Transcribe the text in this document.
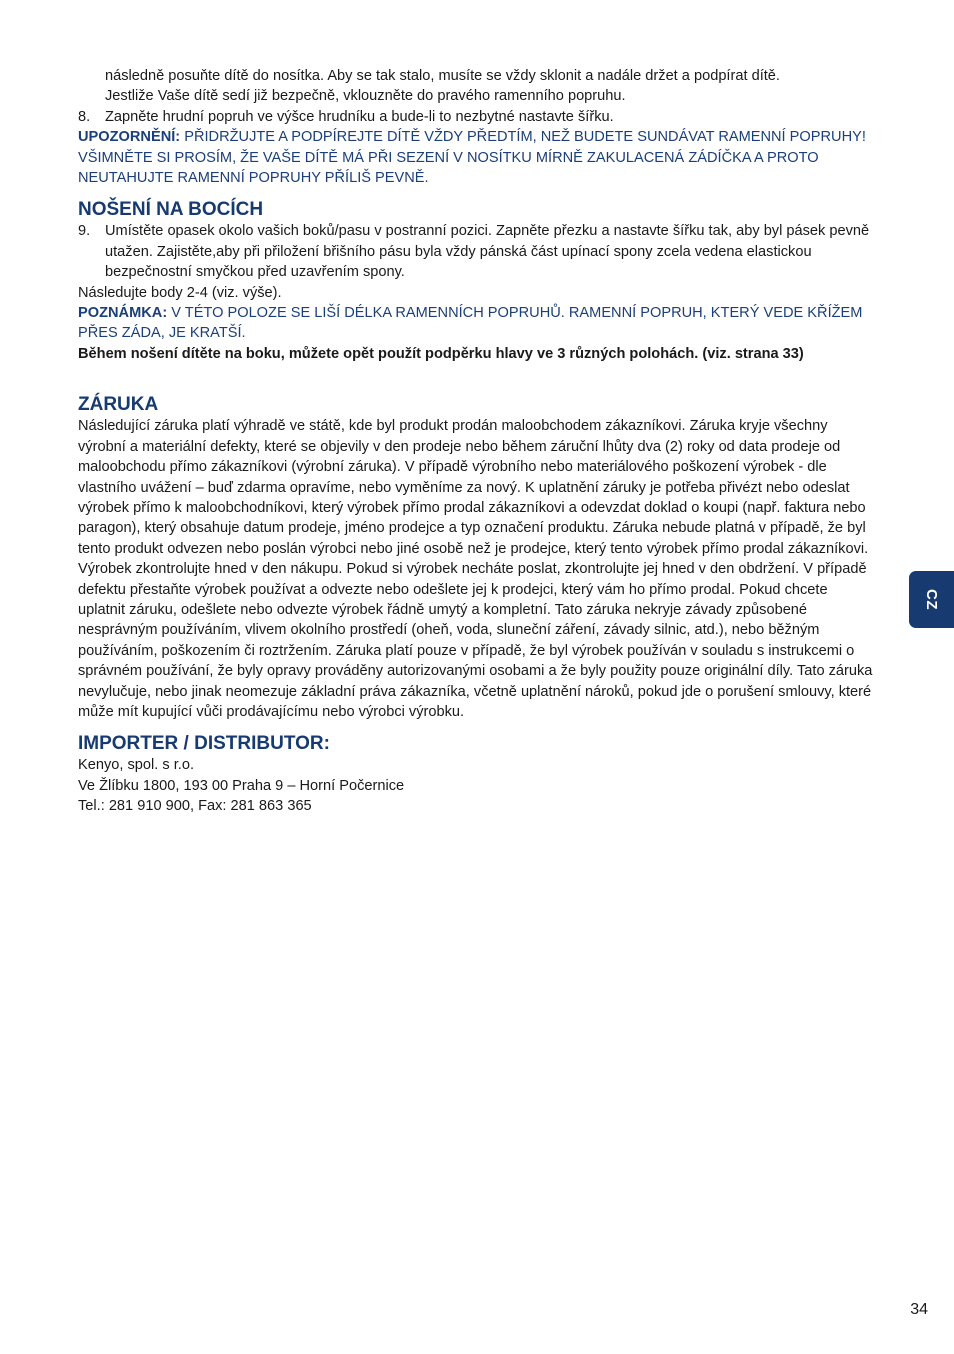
následně posuňte dítě do nosítka. Aby se tak stalo, musíte se vždy sklonit a nadále držet a podpírat dítě.

Jestliže Vaše dítě sedí již bezpečně, vklouzněte do pravého ramenního popruhu.

8. Zapněte hrudní popruh ve výšce hrudníku a bude-li to nezbytné nastavte šířku.

UPOZORNĚNÍ: PŘIDRŽUJTE A PODPÍREJTE DÍTĚ VŽDY PŘEDTÍM, NEŽ BUDETE SUNDÁVAT RAMENNÍ POPRUHY! VŠIMNĚTE SI PROSÍM, ŽE VAŠE DÍTĚ MÁ PŘI SEZENÍ V NOSÍTKU MÍRNĚ ZAKULACENÁ ZÁDÍČKA A PROTO NEUTAHUJTE RAMENNÍ POPRUHY PŘÍLIŠ PEVNĚ.

NOŠENÍ NA BOCÍCH
9. Umístěte opasek okolo vašich boků/pasu v postranní pozici. Zapněte přezku a nastavte šířku tak, aby byl pásek pevně utažen. Zajistěte,aby při přiložení břišního pásu byla vždy pánská část upínací spony zcela vedena elastickou bezpečnostní smyčkou před uzavřením spony.

Následujte body 2-4 (viz. výše).

POZNÁMKA: V TÉTO POLOZE SE LIŠÍ DÉLKA RAMENNÍCH POPRUHŮ. RAMENNÍ POPRUH, KTERÝ VEDE KŘÍŽEM PŘES ZÁDA, JE KRATŠÍ.

Během nošení dítěte na boku, můžete opět použít podpěrku hlavy ve 3 různých polohách. (viz. strana 33)

ZÁRUKA

Následující záruka platí výhradě ve státě, kde byl produkt prodán maloobchodem zákazníkovi. Záruka kryje všechny výrobní a materiální defekty, které se objevily v den prodeje nebo během záruční lhůty dva (2) roky od data prodeje od maloobchodu přímo zákazníkovi (výrobní záruka). V případě výrobního nebo materiálového poškození výrobek - dle vlastního uvážení – buď zdarma opravíme, nebo vyměníme za nový. K uplatnění záruky je potřeba přivézt nebo odeslat výrobek přímo k maloobchodníkovi, který výrobek přímo prodal zákazníkovi a odevzdat doklad o koupi (např. faktura nebo paragon), který obsahuje datum prodeje, jméno prodejce a typ označení produktu. Záruka nebude platná v případě, že byl tento produkt odvezen nebo poslán výrobci nebo jiné osobě než je prodejce, který tento výrobek přímo prodal zákazníkovi. Výrobek zkontrolujte hned v den nákupu. Pokud si výrobek necháte poslat, zkontrolujte jej hned v den obdržení. V případě defektu přestaňte výrobek používat a odvezte nebo odešlete jej k prodejci, který vám ho přímo prodal. Pokud chcete uplatnit záruku, odešlete nebo odvezte výrobek řádně umytý a kompletní. Tato záruka nekryje závady způsobené nesprávným používáním, vlivem okolního prostředí (oheň, voda, sluneční záření, závady silnic, atd.), nebo běžným používáním, poškozením či roztržením. Záruka platí pouze v případě, že byl výrobek používán v souladu s instrukcemi o správném používání, že byly opravy prováděny autorizovanými osobami a že byly použity pouze originální díly. Tato záruka nevylučuje, nebo jinak neomezuje základní práva zákazníka, včetně uplatnění nároků, pokud jde o porušení smlouvy, které může mít kupující vůči prodávajícímu nebo výrobci výrobku.

IMPORTER / DISTRIBUTOR:

Kenyo, spol. s r.o.

Ve Žlíbku 1800, 193 00 Praha 9 – Horní Počernice

Tel.: 281 910 900, Fax: 281 863 365

CZ
34
